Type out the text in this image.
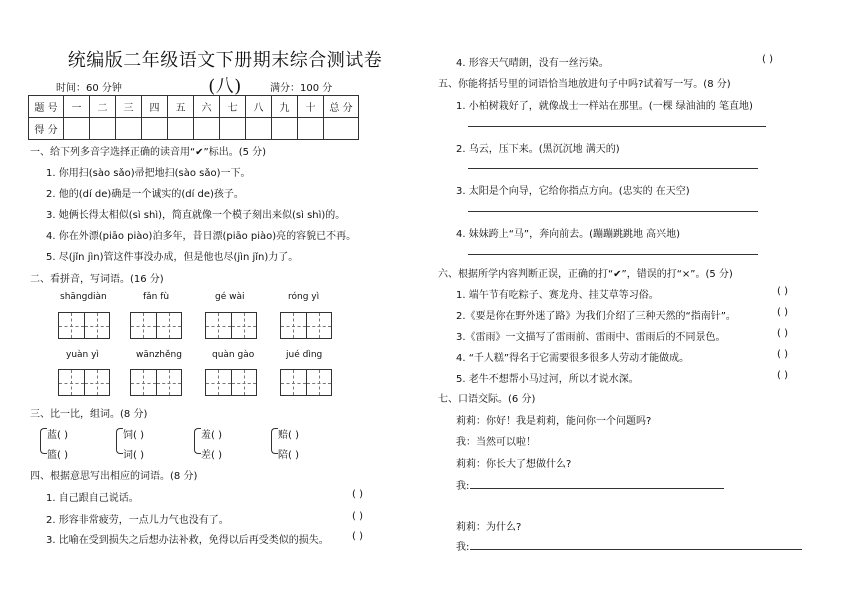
统编版二年级语文下册期末综合测试卷(八)
时间：60 分钟	满分：100 分
题 号	一	二	三	四	五	六	七	八	九	十	总 分
得 分											
一、给下列多音字选择正确的读音用“✔”标出。(5 分)
1. 你用扫(sào sǎo)帚把地扫(sào sǎo)一下。
2. 他的(dí de)确是一个诚实的(dí de)孩子。
3. 她俩长得太相似(sì shì)，简直就像一个模子刻出来似(sì shì)的。
4. 你在外漂(piāo piào)泊多年，昔日漂(piāo piào)亮的容貌已不再。
5. 尽(jǐn jìn)管这件事没办成，但是他也尽(jìn jǐn)力了。
二、看拼音，写词语。(16 分)
shāngdiàn	fǎn fù	gé wài	róng yì
yuàn yì	wānzhěng	quàn gào	jué dìng
三、比一比，组词。(8 分)
蓝( )
篮( )
饲( )
词( )
羞( )
差( )
赔( )
陪( )
四、根据意思写出相应的词语。(8 分)
1. 自己跟自己说话。	( )
2. 形容非常疲劳，一点儿力气也没有了。	( )
3. 比喻在受到损失之后想办法补救，免得以后再受类似的损失。 ( )
4. 形容天气晴朗，没有一丝污染。	( )
五、你能将括号里的词语恰当地放进句子中吗?试着写一写。(8 分)
1. 小柏树栽好了，就像战士一样站在那里。(一棵 绿油油的 笔直地)
2. 乌云，压下来。(黑沉沉地 满天的)
3. 太阳是个向导，它给你指点方向。(忠实的 在天空)
4. 妹妹跨上“马”，奔向前去。(蹦蹦跳跳地 高兴地)
六、根据所学内容判断正误，正确的打“✔”，错误的打“×”。(5 分)
1. 端午节有吃粽子、赛龙舟、挂艾草等习俗。	( )
2.《要是你在野外迷了路》为我们介绍了三种天然的“指南针”。	( )
3.《雷雨》一文描写了雷雨前、雷雨中、雷雨后的不同景色。	( )
4. “千人糕”得名于它需要很多很多人劳动才能做成。	( )
5. 老牛不想帮小马过河，所以才说水深。	( )
七、口语交际。(6 分)
莉莉：你好！我是莉莉，能问你一个问题吗?
我：当然可以啦！
莉莉：你长大了想做什么?
我:
莉莉：为什么?
我:
